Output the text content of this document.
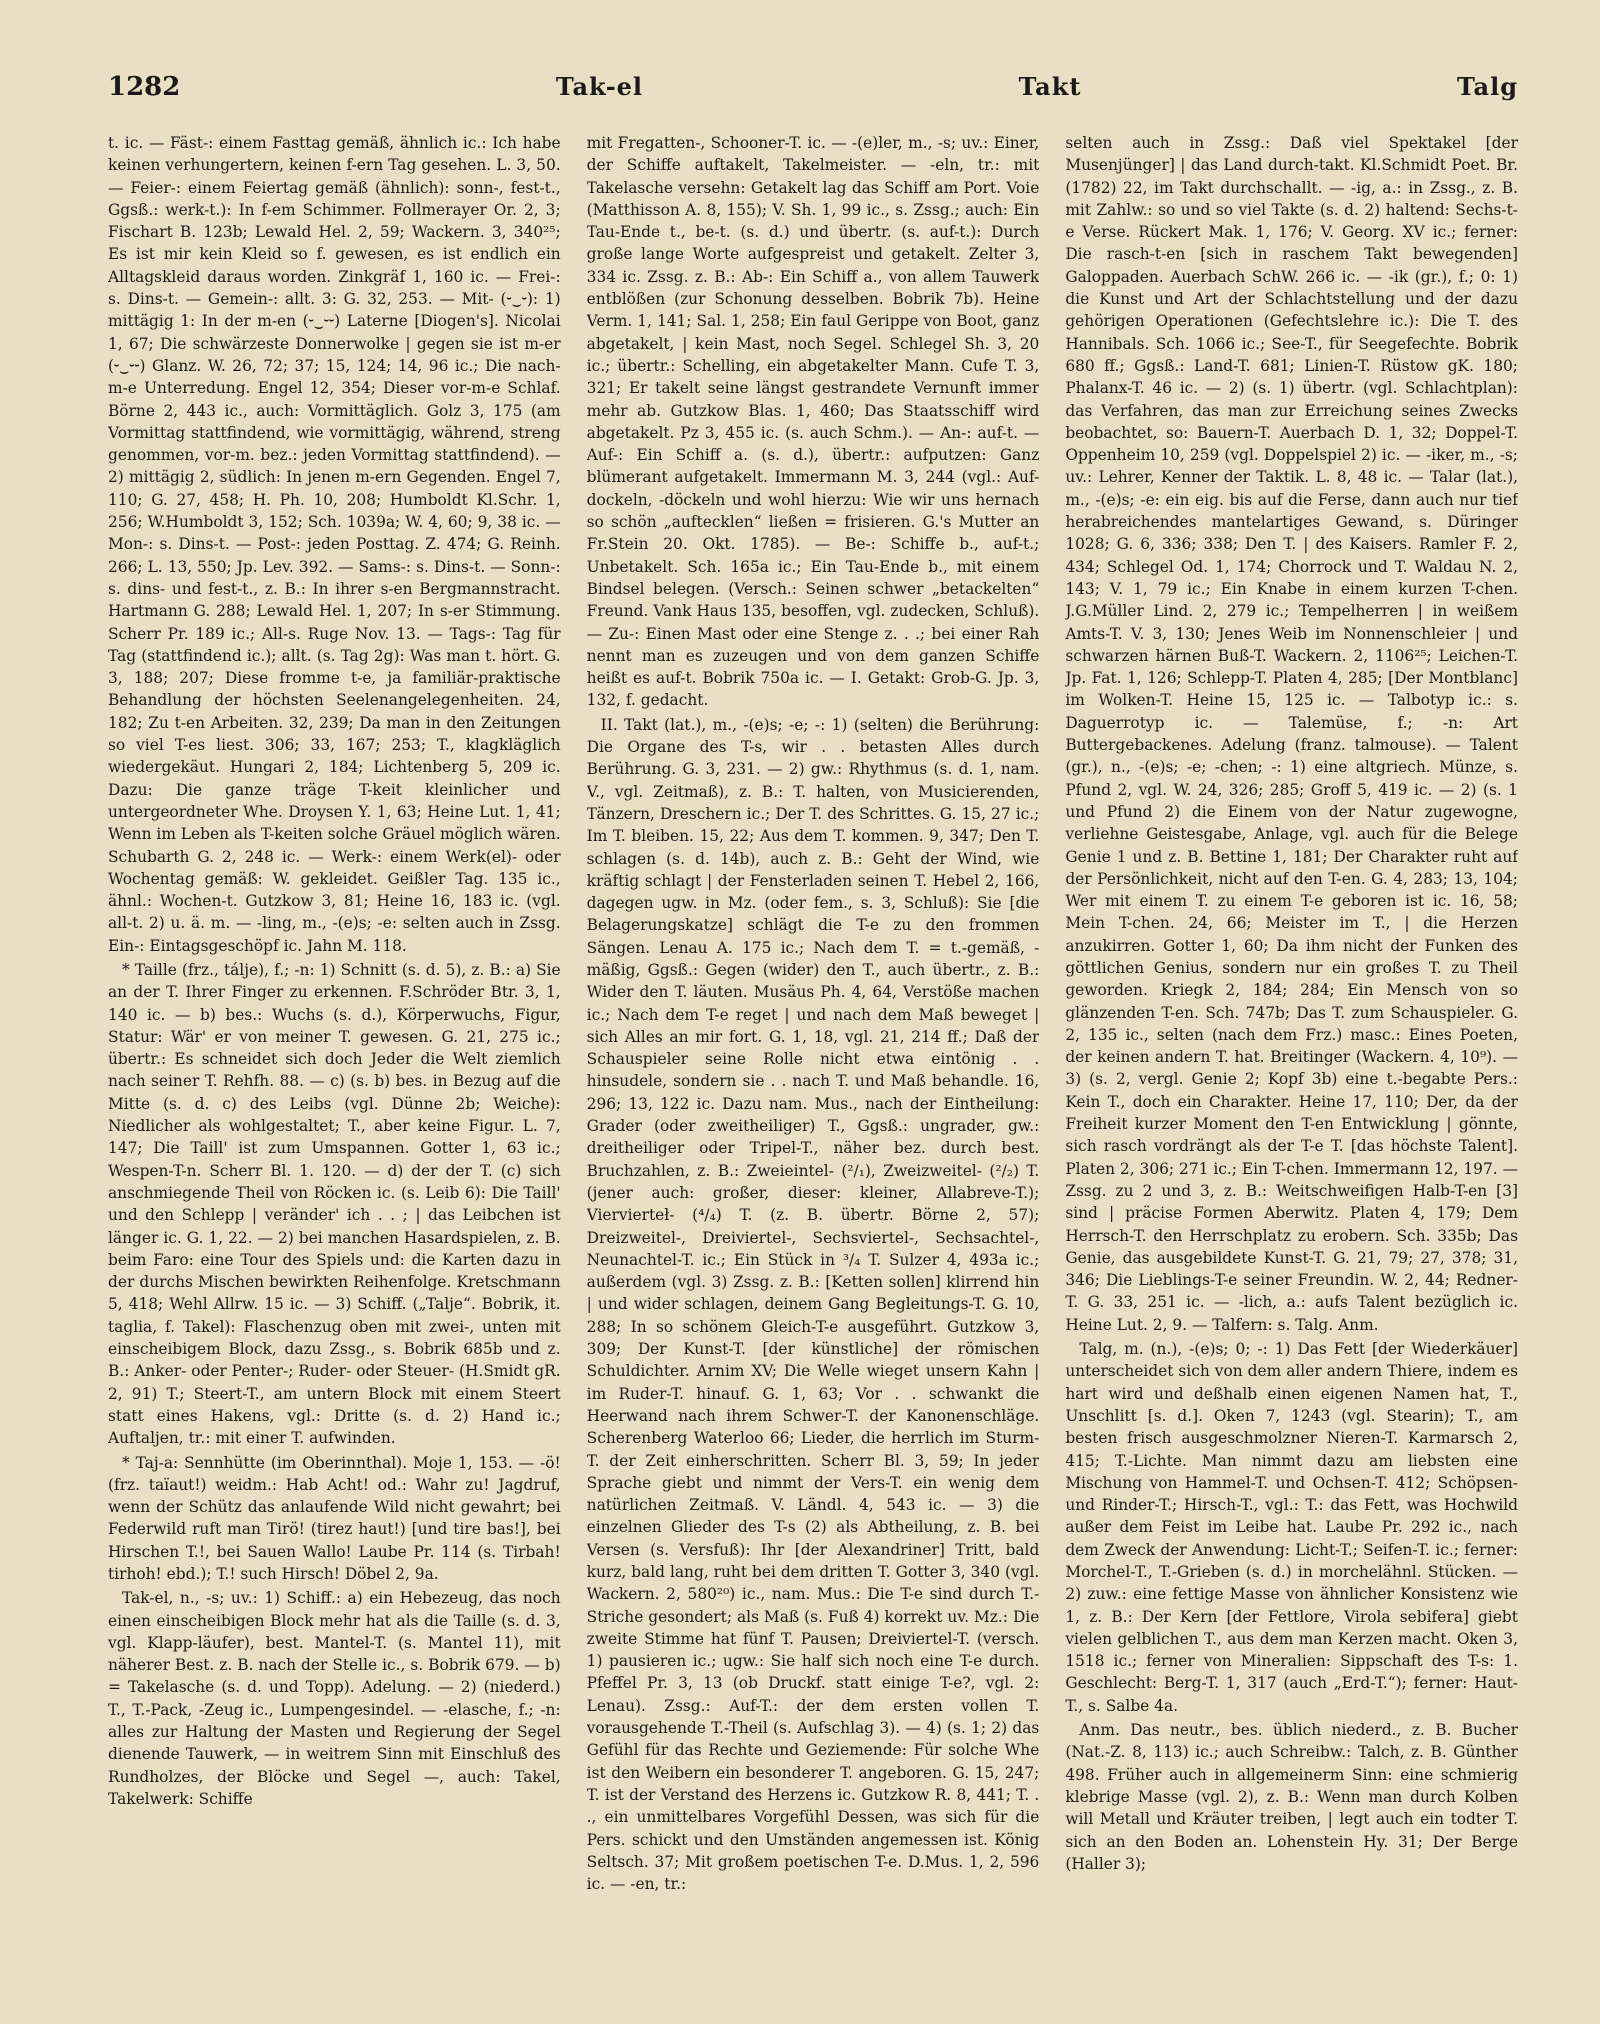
1282	Tak-el	Takt	Talg

t. ic. — Fäst-: einem Fasttag gemäß, ähnlich ic.: Ich habe keinen verhungertern, keinen f-ern Tag gesehen. L. 3, 50. — Feier-: einem Feiertag gemäß (ähnlich): sonn-, fest-t., Ggsß.: werk-t.): In f-em Schimmer. Follmerayer Or. 2, 3; Fischart B. 123b; Lewald Hel. 2, 59; Wackern. 3, 340²⁵; Es ist mir kein Kleid so f. gewesen, es ist endlich ein Alltagskleid daraus worden. Zinkgräf 1, 160 ic. — Frei-: s. Dins-t. — Gemein-: allt. 3: G. 32, 253. — Mit- (⏑‿⏑): 1) mittägig 1: In der m-en (⏑‿⏑⏑) Laterne [Diogen's]. Nicolai 1, 67; Die schwärzeste Donnerwolke | gegen sie ist m-er (⏑‿⏑⏑) Glanz. W. 26, 72; 37; 15, 124; 14, 96 ic.; Die nach-m-e Unterredung. Engel 12, 354; Dieser vor-m-e Schlaf. Börne 2, 443 ic., auch: Vormittäglich. Golz 3, 175 (am Vormittag stattfindend, wie vormittägig, während, streng genommen, vor-m. bez.: jeden Vormittag stattfindend). — 2) mittägig 2, südlich: In jenen m-ern Gegenden. Engel 7, 110; G. 27, 458; H. Ph. 10, 208; Humboldt Kl.Schr. 1, 256; W.Humboldt 3, 152; Sch. 1039a; W. 4, 60; 9, 38 ic. — Mon-: s. Dins-t. — Post-: jeden Posttag. Z. 474; G. Reinh. 266; L. 13, 550; Jp. Lev. 392. — Sams-: s. Dins-t. — Sonn-: s. dins- und fest-t., z. B.: In ihrer s-en Bergmannstracht. Hartmann G. 288; Lewald Hel. 1, 207; In s-er Stimmung. Scherr Pr. 189 ic.; All-s. Ruge Nov. 13. — Tags-: Tag für Tag (stattfindend ic.); allt. (s. Tag 2g): Was man t. hört. G. 3, 188; 207; Diese fromme t-e, ja familiär-praktische Behandlung der höchsten Seelenangelegenheiten. 24, 182; Zu t-en Arbeiten. 32, 239; Da man in den Zeitungen so viel T-es liest. 306; 33, 167; 253; T., klagkläglich wiedergekäut. Hungari 2, 184; Lichtenberg 5, 209 ic. Dazu: Die ganze träge T-keit kleinlicher und untergeordneter Whe. Droysen Y. 1, 63; Heine Lut. 1, 41; Wenn im Leben als T-keiten solche Gräuel möglich wären. Schubarth G. 2, 248 ic. — Werk-: einem Werk(el)- oder Wochentag gemäß: W. gekleidet. Geißler Tag. 135 ic., ähnl.: Wochen-t. Gutzkow 3, 81; Heine 16, 183 ic. (vgl. all-t. 2) u. ä. m. — -ling, m., -(e)s; -e: selten auch in Zssg. Ein-: Eintagsgeschöpf ic. Jahn M. 118.

* Taille (frz., tálje), f.; -n: 1) Schnitt (s. d. 5), z. B.: a) Sie an der T. Ihrer Finger zu erkennen. F.Schröder Btr. 3, 1, 140 ic. — b) bes.: Wuchs (s. d.), Körperwuchs, Figur, Statur: Wär' er von meiner T. gewesen. G. 21, 275 ic.; übertr.: Es schneidet sich doch Jeder die Welt ziemlich nach seiner T. Rehfh. 88. — c) (s. b) bes. in Bezug auf die Mitte (s. d. c) des Leibs (vgl. Dünne 2b; Weiche): Niedlicher als wohlgestaltet; T., aber keine Figur. L. 7, 147; Die Taill' ist zum Umspannen. Gotter 1, 63 ic.; Wespen-T-n. Scherr Bl. 1. 120. — d) der der T. (c) sich anschmiegende Theil von Röcken ic. (s. Leib 6): Die Taill' und den Schlepp | veränder' ich . . ; | das Leibchen ist länger ic. G. 1, 22. — 2) bei manchen Hasardspielen, z. B. beim Faro: eine Tour des Spiels und: die Karten dazu in der durchs Mischen bewirkten Reihenfolge. Kretschmann 5, 418; Wehl Allrw. 15 ic. — 3) Schiff. („Talje“. Bobrik, it. taglia, f. Takel): Flaschenzug oben mit zwei-, unten mit einscheibigem Block, dazu Zssg., s. Bobrik 685b und z. B.: Anker- oder Penter-; Ruder- oder Steuer- (H.Smidt gR. 2, 91) T.; Steert-T., am untern Block mit einem Steert statt eines Hakens, vgl.: Dritte (s. d. 2) Hand ic.; Auftaljen, tr.: mit einer T. aufwinden.

* Taj-a: Sennhütte (im Oberinnthal). Moje 1, 153. — -ö! (frz. taïaut!) weidm.: Hab Acht! od.: Wahr zu! Jagdruf, wenn der Schütz das anlaufende Wild nicht gewahrt; bei Federwild ruft man Tirö! (tirez haut!) [und tire bas!], bei Hirschen T.!, bei Sauen Wallo! Laube Pr. 114 (s. Tirbah! tirhoh! ebd.); T.! such Hirsch! Döbel 2, 9a.

Tak-el, n., -s; uv.: 1) Schiff.: a) ein Hebezeug, das noch einen einscheibigen Block mehr hat als die Taille (s. d. 3, vgl. Klapp-läufer), best. Mantel-T. (s. Mantel 11), mit näherer Best. z. B. nach der Stelle ic., s. Bobrik 679. — b) = Takelasche (s. d. und Topp). Adelung. — 2) (niederd.) T., T.-Pack, -Zeug ic., Lumpengesindel. — -elasche, f.; -n: alles zur Haltung der Masten und Regierung der Segel dienende Tauwerk, — in weitrem Sinn mit Einschluß des Rundholzes, der Blöcke und Segel —, auch: Takel, Takelwerk: Schiffe

mit Fregatten-, Schooner-T. ic. — -(e)ler, m., -s; uv.: Einer, der Schiffe auftakelt, Takelmeister. — -eln, tr.: mit Takelasche versehn: Getakelt lag das Schiff am Port. Voie (Matthisson A. 8, 155); V. Sh. 1, 99 ic., s. Zssg.; auch: Ein Tau-Ende t., be-t. (s. d.) und übertr. (s. auf-t.): Durch große lange Worte aufgespreist und getakelt. Zelter 3, 334 ic. Zssg. z. B.: Ab-: Ein Schiff a., von allem Tauwerk entblößen (zur Schonung desselben. Bobrik 7b). Heine Verm. 1, 141; Sal. 1, 258; Ein faul Gerippe von Boot, ganz abgetakelt, | kein Mast, noch Segel. Schlegel Sh. 3, 20 ic.; übertr.: Schelling, ein abgetakelter Mann. Cufe T. 3, 321; Er takelt seine längst gestrandete Vernunft immer mehr ab. Gutzkow Blas. 1, 460; Das Staatsschiff wird abgetakelt. Pz 3, 455 ic. (s. auch Schm.). — An-: auf-t. — Auf-: Ein Schiff a. (s. d.), übertr.: aufputzen: Ganz blümerant aufgetakelt. Immermann M. 3, 244 (vgl.: Auf-dockeln, -döckeln und wohl hierzu: Wie wir uns hernach so schön „auftecklen“ ließen = frisieren. G.'s Mutter an Fr.Stein 20. Okt. 1785). — Be-: Schiffe b., auf-t.; Unbetakelt. Sch. 165a ic.; Ein Tau-Ende b., mit einem Bindsel belegen. (Versch.: Seinen schwer „betackelten“ Freund. Vank Haus 135, besoffen, vgl. zudecken, Schluß). — Zu-: Einen Mast oder eine Stenge z. . .; bei einer Rah nennt man es zuzeugen und von dem ganzen Schiffe heißt es auf-t. Bobrik 750a ic. — I. Getakt: Grob-G. Jp. 3, 132, f. gedacht.

II. Takt (lat.), m., -(e)s; -e; -: 1) (selten) die Berührung: Die Organe des T-s, wir . . betasten Alles durch Berührung. G. 3, 231. — 2) gw.: Rhythmus (s. d. 1, nam. V., vgl. Zeitmaß), z. B.: T. halten, von Musicierenden, Tänzern, Dreschern ic.; Der T. des Schrittes. G. 15, 27 ic.; Im T. bleiben. 15, 22; Aus dem T. kommen. 9, 347; Den T. schlagen (s. d. 14b), auch z. B.: Geht der Wind, wie kräftig schlagt | der Fensterladen seinen T. Hebel 2, 166, dagegen ugw. in Mz. (oder fem., s. 3, Schluß): Sie [die Belagerungskatze] schlägt die T-e zu den frommen Sängen. Lenau A. 175 ic.; Nach dem T. = t.-gemäß, -mäßig, Ggsß.: Gegen (wider) den T., auch übertr., z. B.: Wider den T. läuten. Musäus Ph. 4, 64, Verstöße machen ic.; Nach dem T-e reget | und nach dem Maß beweget | sich Alles an mir fort. G. 1, 18, vgl. 21, 214 ff.; Daß der Schauspieler seine Rolle nicht etwa eintönig . . hinsudele, sondern sie . . nach T. und Maß behandle. 16, 296; 13, 122 ic. Dazu nam. Mus., nach der Eintheilung: Grader (oder zweitheiliger) T., Ggsß.: ungrader, gw.: dreitheiliger oder Tripel-T., näher bez. durch best. Bruchzahlen, z. B.: Zweieintel- (²/₁), Zweizweitel- (²/₂) T. (jener auch: großer, dieser: kleiner, Allabreve-T.); Viervierteł- (⁴/₄) T. (z. B. übertr. Börne 2, 57); Dreizweitel-, Dreiviertel-, Sechsviertel-, Sechsachtel-, Neunachtel-T. ic.; Ein Stück in ³/₄ T. Sulzer 4, 493a ic.; außerdem (vgl. 3) Zssg. z. B.: [Ketten sollen] klirrend hin | und wider schlagen, deinem Gang Begleitungs-T. G. 10, 288; In so schönem Gleich-T-e ausgeführt. Gutzkow 3, 309; Der Kunst-T. [der künstliche] der römischen Schuldichter. Arnim XV; Die Welle wieget unsern Kahn | im Ruder-T. hinauf. G. 1, 63; Vor . . schwankt die Heerwand nach ihrem Schwer-T. der Kanonenschläge. Scherenberg Waterloo 66; Lieder, die herrlich im Sturm-T. der Zeit einherschritten. Scherr Bl. 3, 59; In jeder Sprache giebt und nimmt der Vers-T. ein wenig dem natürlichen Zeitmaß. V. Ländl. 4, 543 ic. — 3) die einzelnen Glieder des T-s (2) als Abtheilung, z. B. bei Versen (s. Versfuß): Ihr [der Alexandriner] Tritt, bald kurz, bald lang, ruht bei dem dritten T. Gotter 3, 340 (vgl. Wackern. 2, 580²⁰) ic., nam. Mus.: Die T-e sind durch T.-Striche gesondert; als Maß (s. Fuß 4) korrekt uv. Mz.: Die zweite Stimme hat fünf T. Pausen; Dreiviertel-T. (versch. 1) pausieren ic.; ugw.: Sie half sich noch eine T-e durch. Pfeffel Pr. 3, 13 (ob Druckf. statt einige T-e?, vgl. 2: Lenau). Zssg.: Auf-T.: der dem ersten vollen T. vorausgehende T.-Theil (s. Aufschlag 3). — 4) (s. 1; 2) das Gefühl für das Rechte und Geziemende: Für solche Whe ist den Weibern ein besonderer T. angeboren. G. 15, 247; T. ist der Verstand des Herzens ic. Gutzkow R. 8, 441; T. . ., ein unmittelbares Vorgefühl Dessen, was sich für die Pers. schickt und den Umständen angemessen ist. König Seltsch. 37; Mit großem poetischen T-e. D.Mus. 1, 2, 596 ic. — -en, tr.:

selten auch in Zssg.: Daß viel Spektakel [der Musenjünger] | das Land durch-takt. Kl.Schmidt Poet. Br. (1782) 22, im Takt durchschallt. — -ig, a.: in Zssg., z. B. mit Zahlw.: so und so viel Takte (s. d. 2) haltend: Sechs-t-e Verse. Rückert Mak. 1, 176; V. Georg. XV ic.; ferner: Die rasch-t-en [sich in raschem Takt bewegenden] Galoppaden. Auerbach SchW. 266 ic. — -ik (gr.), f.; 0: 1) die Kunst und Art der Schlachtstellung und der dazu gehörigen Operationen (Gefechtslehre ic.): Die T. des Hannibals. Sch. 1066 ic.; See-T., für Seegefechte. Bobrik 680 ff.; Ggsß.: Land-T. 681; Linien-T. Rüstow gK. 180; Phalanx-T. 46 ic. — 2) (s. 1) übertr. (vgl. Schlachtplan): das Verfahren, das man zur Erreichung seines Zwecks beobachtet, so: Bauern-T. Auerbach D. 1, 32; Doppel-T. Oppenheim 10, 259 (vgl. Doppelspiel 2) ic. — -iker, m., -s; uv.: Lehrer, Kenner der Taktik. L. 8, 48 ic. — Talar (lat.), m., -(e)s; -e: ein eig. bis auf die Ferse, dann auch nur tief herabreichendes mantelartiges Gewand, s. Düringer 1028; G. 6, 336; 338; Den T. | des Kaisers. Ramler F. 2, 434; Schlegel Od. 1, 174; Chorrock und T. Waldau N. 2, 143; V. 1, 79 ic.; Ein Knabe in einem kurzen T-chen. J.G.Müller Lind. 2, 279 ic.; Tempelherren | in weißem Amts-T. V. 3, 130; Jenes Weib im Nonnenschleier | und schwarzen härnen Buß-T. Wackern. 2, 1106²⁵; Leichen-T. Jp. Fat. 1, 126; Schlepp-T. Platen 4, 285; [Der Montblanc] im Wolken-T. Heine 15, 125 ic. — Talbotyp ic.: s. Daguerrotyp ic. — Talemüse, f.; -n: Art Buttergebackenes. Adelung (franz. talmouse). — Talent (gr.), n., -(e)s; -e; -chen; -: 1) eine altgriech. Münze, s. Pfund 2, vgl. W. 24, 326; 285; Groff 5, 419 ic. — 2) (s. 1 und Pfund 2) die Einem von der Natur zugewogne, verliehne Geistesgabe, Anlage, vgl. auch für die Belege Genie 1 und z. B. Bettine 1, 181; Der Charakter ruht auf der Persönlichkeit, nicht auf den T-en. G. 4, 283; 13, 104; Wer mit einem T. zu einem T-e geboren ist ic. 16, 58; Mein T-chen. 24, 66; Meister im T., | die Herzen anzukirren. Gotter 1, 60; Da ihm nicht der Funken des göttlichen Genius, sondern nur ein großes T. zu Theil geworden. Kriegk 2, 184; 284; Ein Mensch von so glänzenden T-en. Sch. 747b; Das T. zum Schauspieler. G. 2, 135 ic., selten (nach dem Frz.) masc.: Eines Poeten, der keinen andern T. hat. Breitinger (Wackern. 4, 10⁹). — 3) (s. 2, vergl. Genie 2; Kopf 3b) eine t.-begabte Pers.: Kein T., doch ein Charakter. Heine 17, 110; Der, da der Freiheit kurzer Moment den T-en Entwicklung | gönnte, sich rasch vordrängt als der T-e T. [das höchste Talent]. Platen 2, 306; 271 ic.; Ein T-chen. Immermann 12, 197. — Zssg. zu 2 und 3, z. B.: Weitschweifigen Halb-T-en [3] sind | präcise Formen Aberwitz. Platen 4, 179; Dem Herrsch-T. den Herrschplatz zu erobern. Sch. 335b; Das Genie, das ausgebildete Kunst-T. G. 21, 79; 27, 378; 31, 346; Die Lieblings-T-e seiner Freundin. W. 2, 44; Redner-T. G. 33, 251 ic. — -lich, a.: aufs Talent bezüglich ic. Heine Lut. 2, 9. — Talfern: s. Talg. Anm.

Talg, m. (n.), -(e)s; 0; -: 1) Das Fett [der Wiederkäuer] unterscheidet sich von dem aller andern Thiere, indem es hart wird und deßhalb einen eigenen Namen hat, T., Unschlitt [s. d.]. Oken 7, 1243 (vgl. Stearin); T., am besten frisch ausgeschmolzner Nieren-T. Karmarsch 2, 415; T.-Lichte. Man nimmt dazu am liebsten eine Mischung von Hammel-T. und Ochsen-T. 412; Schöpsen- und Rinder-T.; Hirsch-T., vgl.: T.: das Fett, was Hochwild außer dem Feist im Leibe hat. Laube Pr. 292 ic., nach dem Zweck der Anwendung: Licht-T.; Seifen-T. ic.; ferner: Morchel-T., T.-Grieben (s. d.) in morchelähnl. Stücken. — 2) zuw.: eine fettige Masse von ähnlicher Konsistenz wie 1, z. B.: Der Kern [der Fettlore, Virola sebifera] giebt vielen gelblichen T., aus dem man Kerzen macht. Oken 3, 1518 ic.; ferner von Mineralien: Sippschaft des T-s: 1. Geschlecht: Berg-T. 1, 317 (auch „Erd-T.“); ferner: Haut-T., s. Salbe 4a.

Anm. Das neutr., bes. üblich niederd., z. B. Bucher (Nat.-Z. 8, 113) ic.; auch Schreibw.: Talch, z. B. Günther 498. Früher auch in allgemeinerm Sinn: eine schmierig klebrige Masse (vgl. 2), z. B.: Wenn man durch Kolben will Metall und Kräuter treiben, | legt auch ein todter T. sich an den Boden an. Lohenstein Hy. 31; Der Berge (Haller 3);
